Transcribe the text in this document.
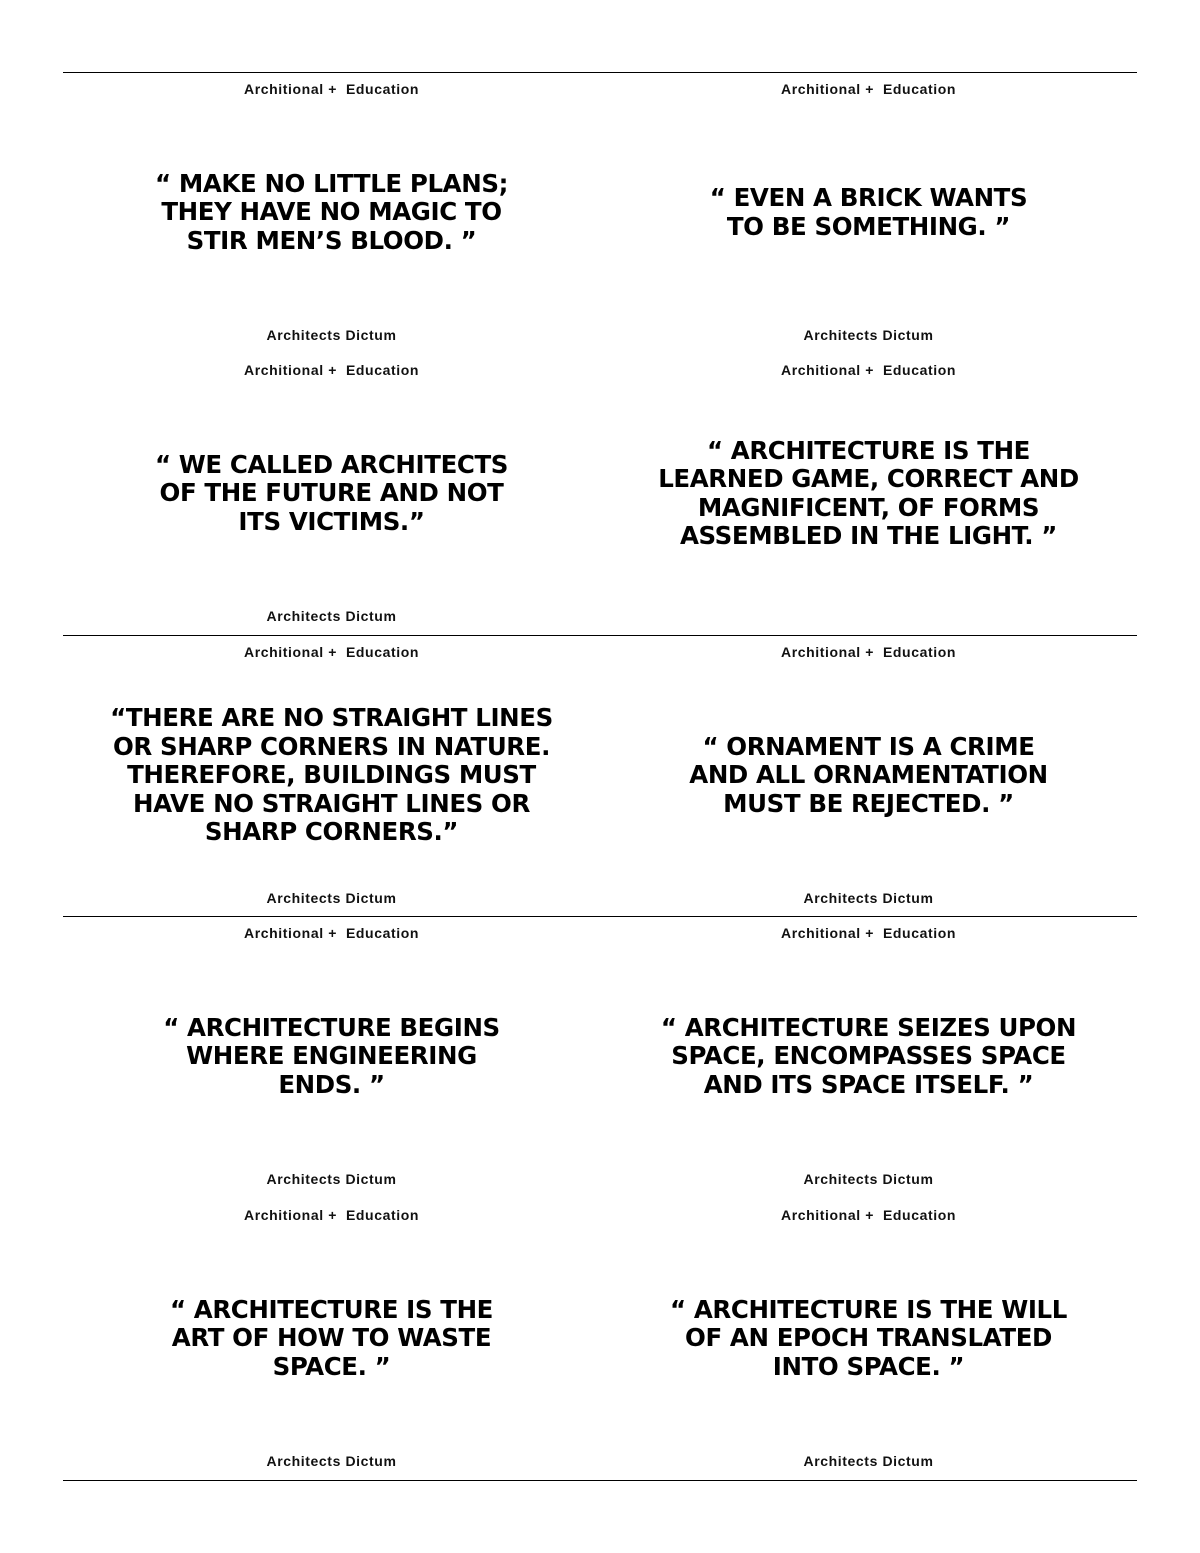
Architional +  Education

“ MAKE NO LITTLE PLANS;
THEY HAVE NO MAGIC TO
STIR MEN’S BLOOD. ”

Architects Dictum
Architional +  Education

“ EVEN A BRICK WANTS
TO BE SOMETHING. ”

Architects Dictum
Architional +  Education

“ WE CALLED ARCHITECTS
OF THE FUTURE AND NOT
ITS VICTIMS.”

Architects Dictum
Architional +  Education

“ ARCHITECTURE IS THE
LEARNED GAME, CORRECT AND
MAGNIFICENT, OF FORMS
ASSEMBLED IN THE LIGHT. ”

Architional +  Education

“THERE ARE NO STRAIGHT LINES
OR SHARP CORNERS IN NATURE.
THEREFORE, BUILDINGS MUST
HAVE NO STRAIGHT LINES OR
SHARP CORNERS.”

Architects Dictum
Architional +  Education

“ ORNAMENT IS A CRIME
AND ALL ORNAMENTATION
MUST BE REJECTED. ”

Architects Dictum
Architional +  Education

“ ARCHITECTURE BEGINS
WHERE ENGINEERING
ENDS. ”

Architects Dictum
Architional +  Education

“ ARCHITECTURE SEIZES UPON
SPACE, ENCOMPASSES SPACE
AND ITS SPACE ITSELF. ”

Architects Dictum
Architional +  Education

“ ARCHITECTURE IS THE
ART OF HOW TO WASTE
SPACE. ”

Architects Dictum
Architional +  Education

“ ARCHITECTURE IS THE WILL
OF AN EPOCH TRANSLATED
INTO SPACE. ”

Architects Dictum
